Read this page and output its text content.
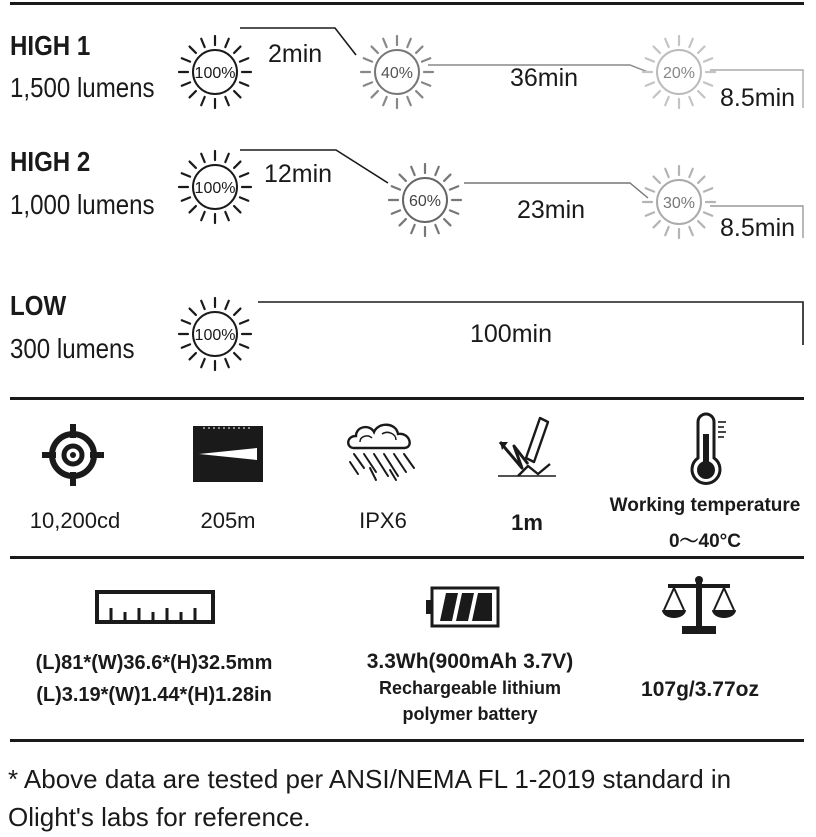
HIGH 1
1,500 lumens 100%
2min
40%	36min	20%
8.5min
HIGH 2
1,000 lumens
100%
12min
60%	23min	30%
8.5min
LOW
300 lumens	100%	100min
10,200cd	205m	IPX6	1m
Working temperature
0～40°C
(L)81*(W)36.6*(H)32.5mm
(L)3.19*(W)1.44*(H)1.28in
3.3Wh(900mAh 3.7V)
Rechargeable lithium
polymer battery
107g/3.77oz
* Above data are tested per ANSI/NEMA FL 1-2019 standard in Olight's labs for reference.
